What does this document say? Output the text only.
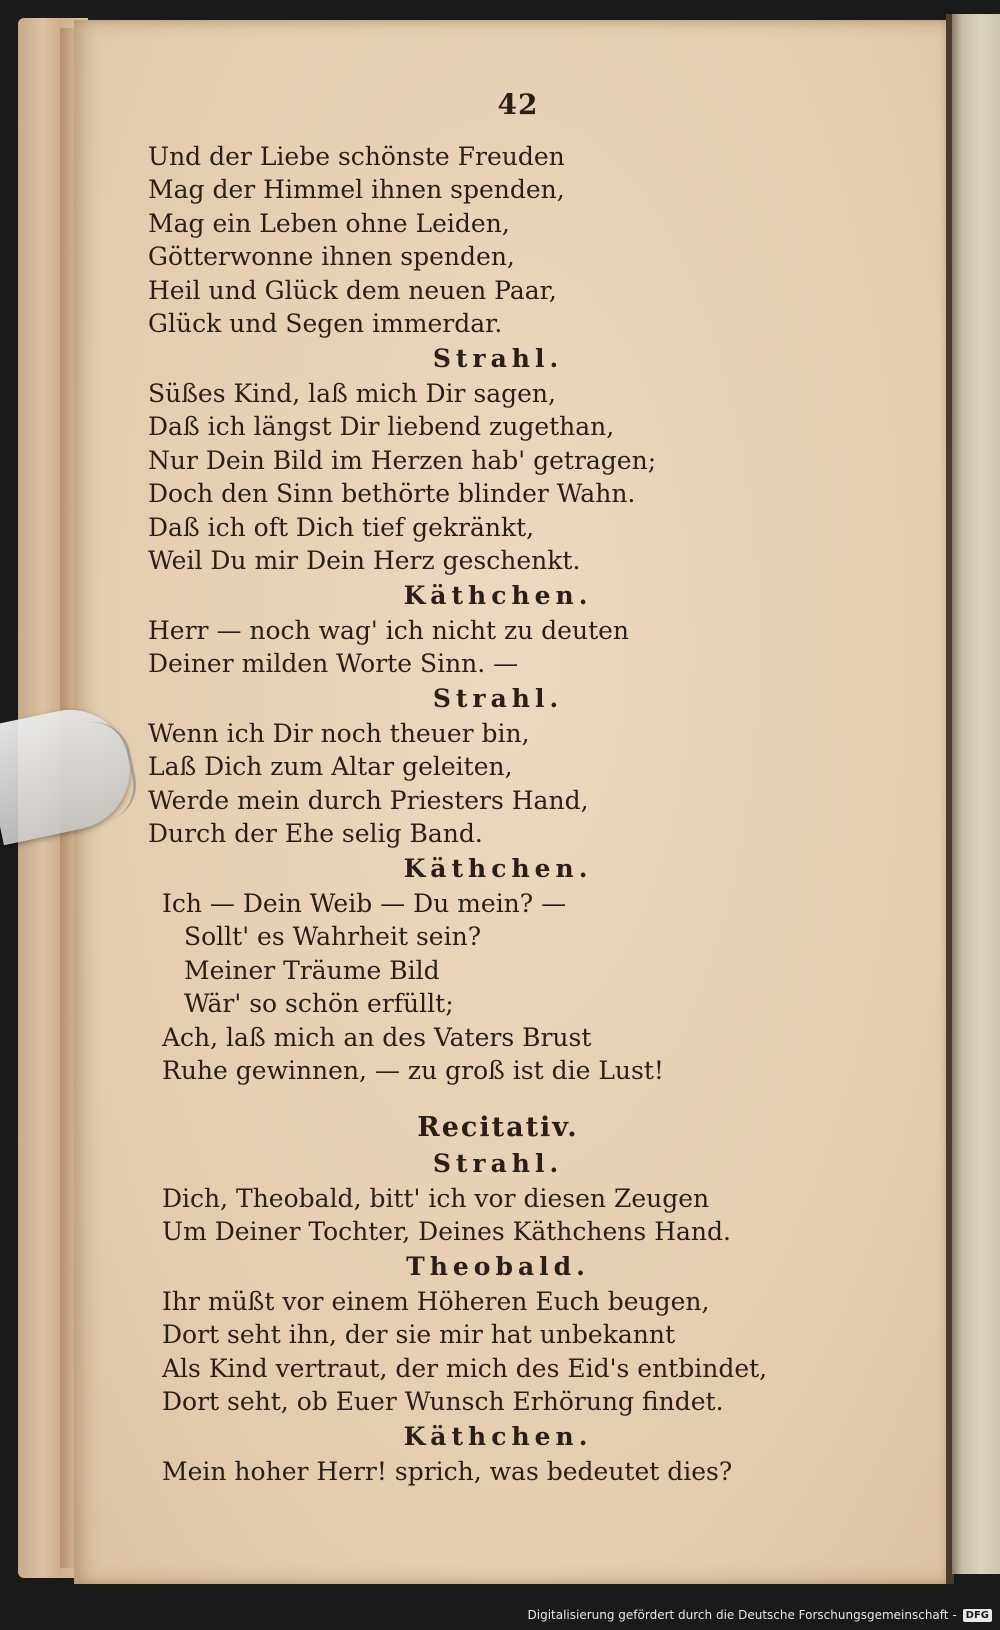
42
Und der Liebe schönste Freuden
Mag der Himmel ihnen spenden,
Mag ein Leben ohne Leiden,
Götterwonne ihnen spenden,
Heil und Glück dem neuen Paar,
Glück und Segen immerdar.
Strahl.
Süßes Kind, laß mich Dir sagen,
Daß ich längst Dir liebend zugethan,
Nur Dein Bild im Herzen hab' getragen;
Doch den Sinn bethörte blinder Wahn.
Daß ich oft Dich tief gekränkt,
Weil Du mir Dein Herz geschenkt.
Käthchen.
Herr — noch wag' ich nicht zu deuten
Deiner milden Worte Sinn. —
Strahl.
Wenn ich Dir noch theuer bin,
Laß Dich zum Altar geleiten,
Werde mein durch Priesters Hand,
Durch der Ehe selig Band.
Käthchen.
Ich — Dein Weib — Du mein? —
Sollt' es Wahrheit sein?
Meiner Träume Bild
Wär' so schön erfüllt;
Ach, laß mich an des Vaters Brust
Ruhe gewinnen, — zu groß ist die Lust!
Recitativ.
Strahl.
Dich, Theobald, bitt' ich vor diesen Zeugen
Um Deiner Tochter, Deines Käthchens Hand.
Theobald.
Ihr müßt vor einem Höheren Euch beugen,
Dort seht ihn, der sie mir hat unbekannt
Als Kind vertraut, der mich des Eid's entbindet,
Dort seht, ob Euer Wunsch Erhörung findet.
Käthchen.
Mein hoher Herr! sprich, was bedeutet dies?
Digitalisierung gefördert durch die Deutsche Forschungsgemeinschaft - DFG
